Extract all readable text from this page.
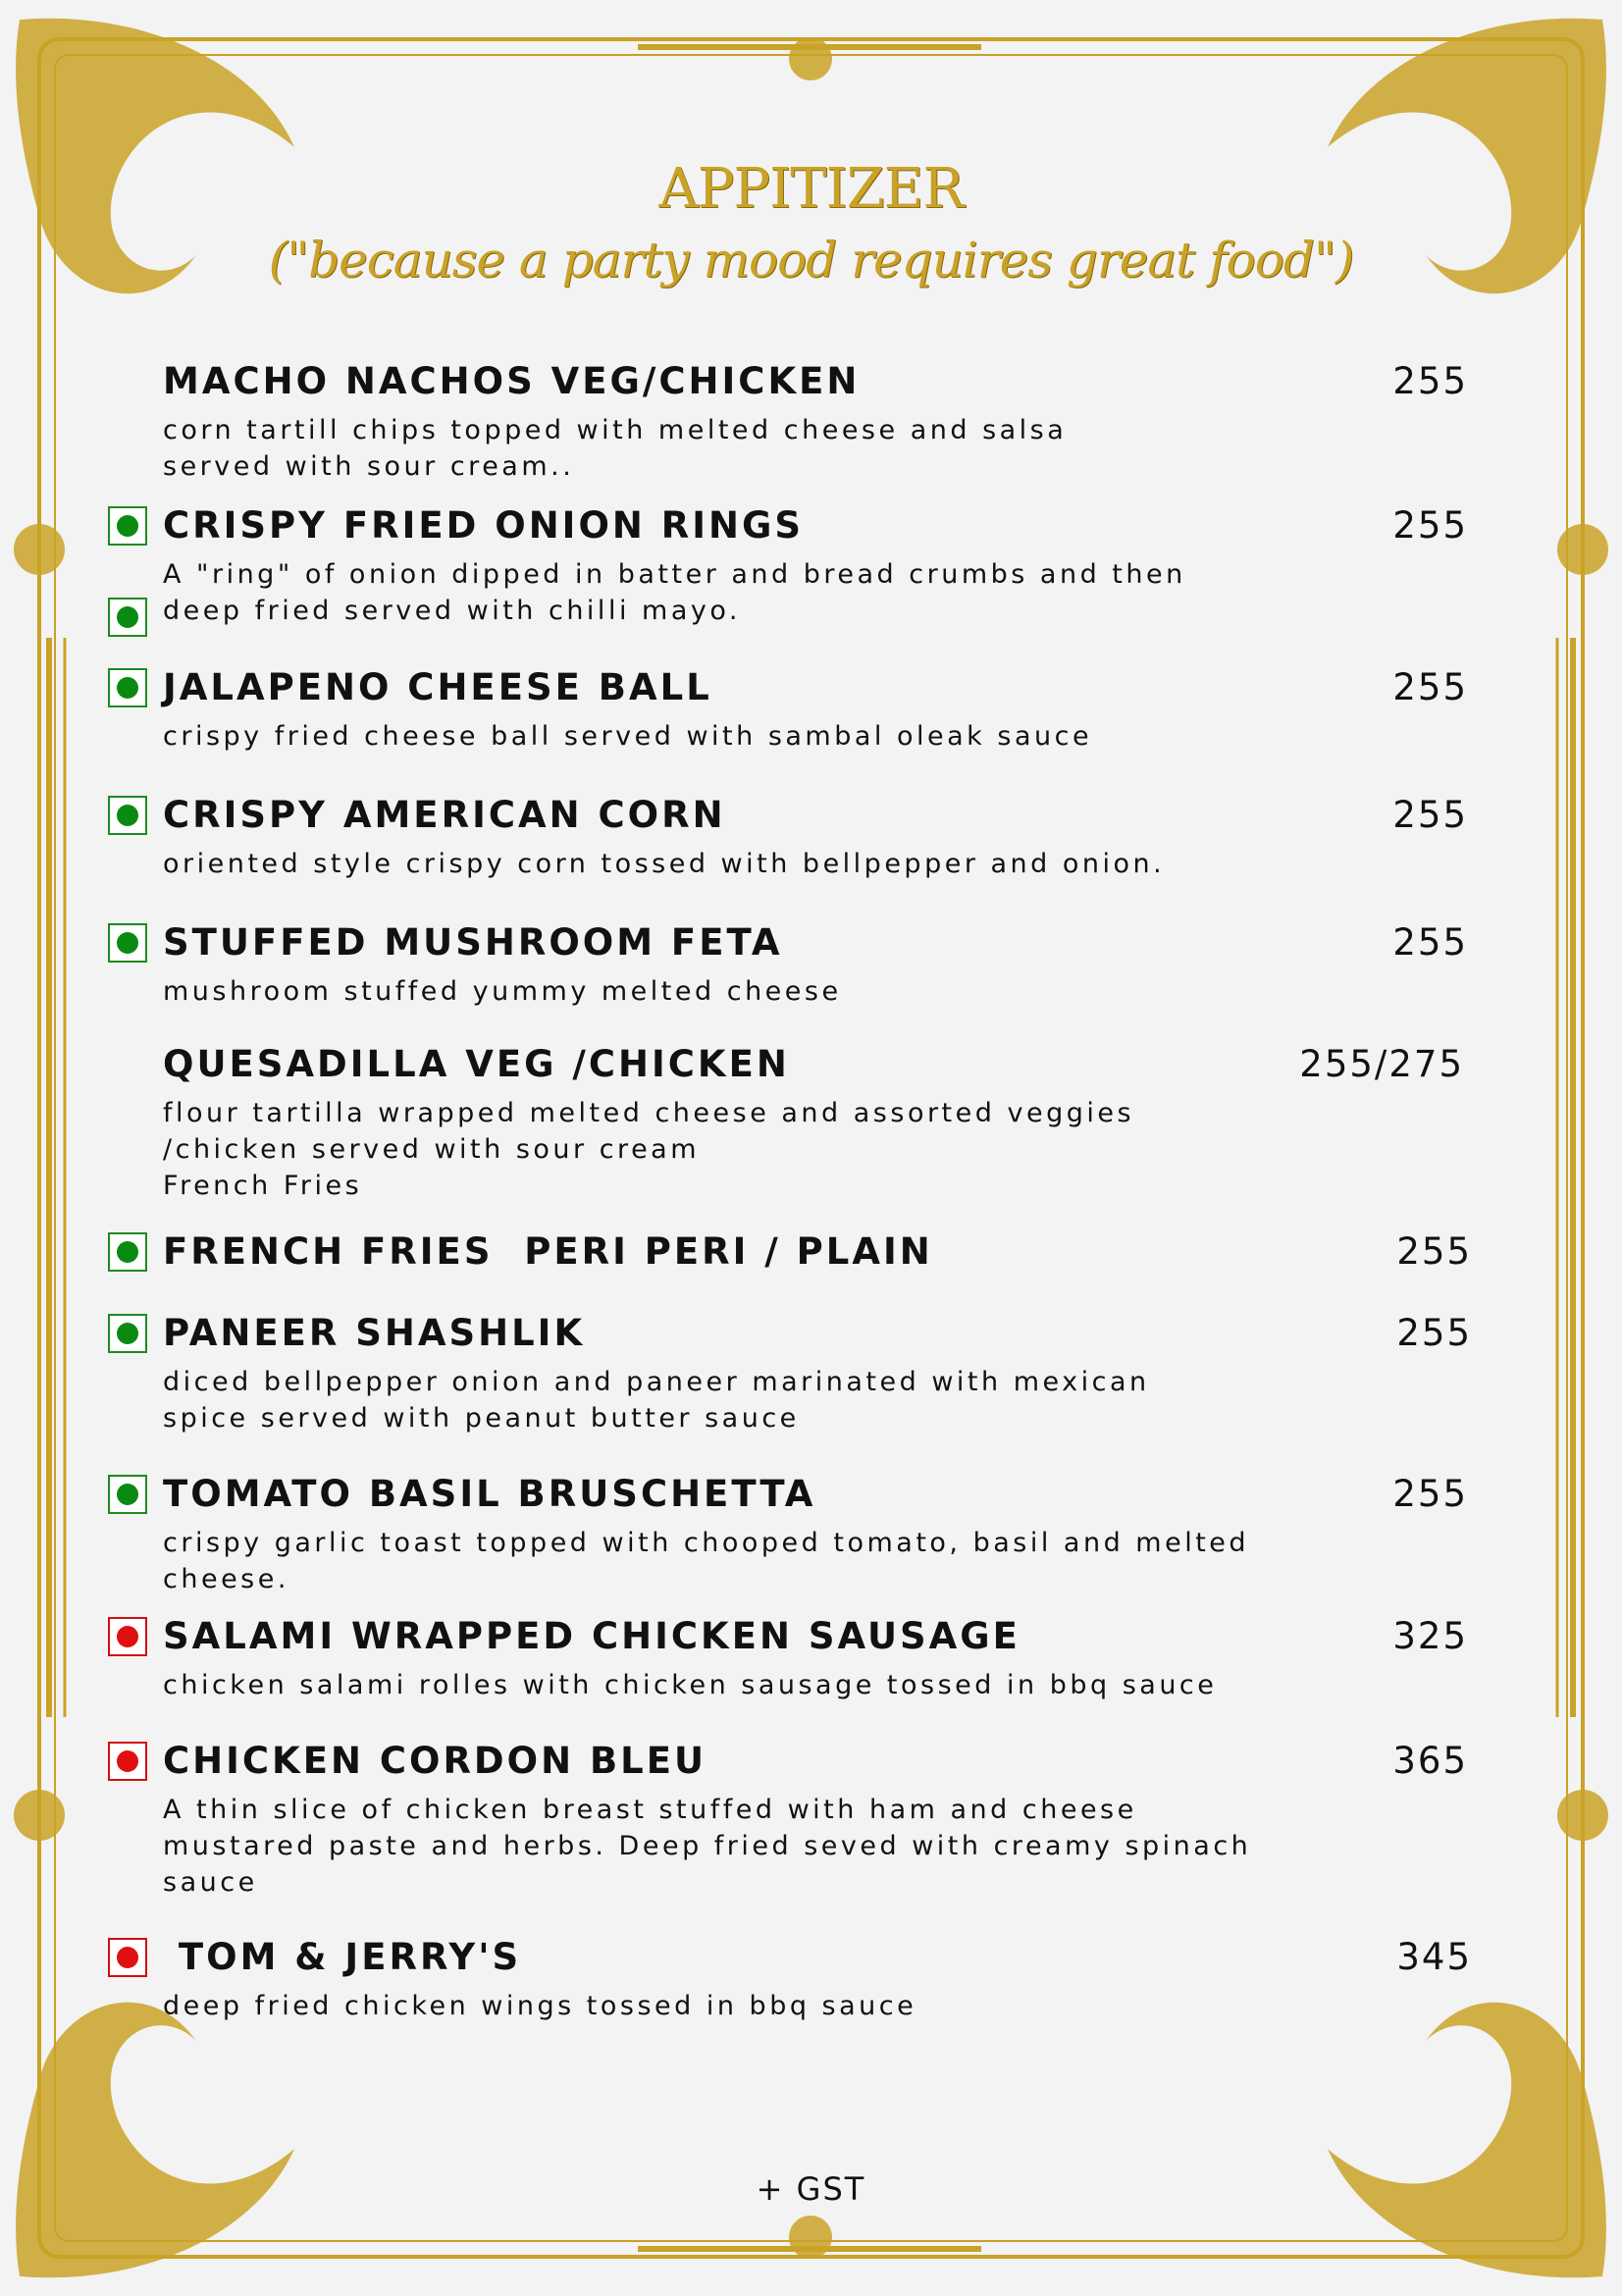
APPITIZER
("because a party mood requires great food")
MACHO NACHOS VEG/CHICKEN	255
corn tartill chips topped with melted cheese and salsa
served with sour cream..
CRISPY FRIED ONION RINGS	255
A "ring" of onion dipped in batter and bread crumbs and then
deep fried served with chilli mayo.
JALAPENO CHEESE BALL	255
crispy fried cheese ball served with sambal oleak sauce
CRISPY AMERICAN CORN	255
oriented style crispy corn tossed with bellpepper and onion.
STUFFED MUSHROOM FETA	255
mushroom stuffed yummy melted cheese
QUESADILLA VEG /CHICKEN	255/275
flour tartilla wrapped melted cheese and assorted veggies
/chicken served with sour cream
French Fries
FRENCH FRIES  PERI PERI / PLAIN	255
PANEER SHASHLIK	255
diced bellpepper onion and paneer marinated with mexican
spice served with peanut butter sauce
TOMATO BASIL BRUSCHETTA	255
crispy garlic toast topped with chooped tomato, basil and melted
cheese.
SALAMI WRAPPED CHICKEN SAUSAGE	325
chicken salami rolles with chicken sausage tossed in bbq sauce
CHICKEN CORDON BLEU	365
A thin slice of chicken breast stuffed with ham and cheese
mustared paste and herbs. Deep fried seved with creamy spinach
sauce
TOM & JERRY'S	345
deep fried chicken wings tossed in bbq sauce
+ GST
